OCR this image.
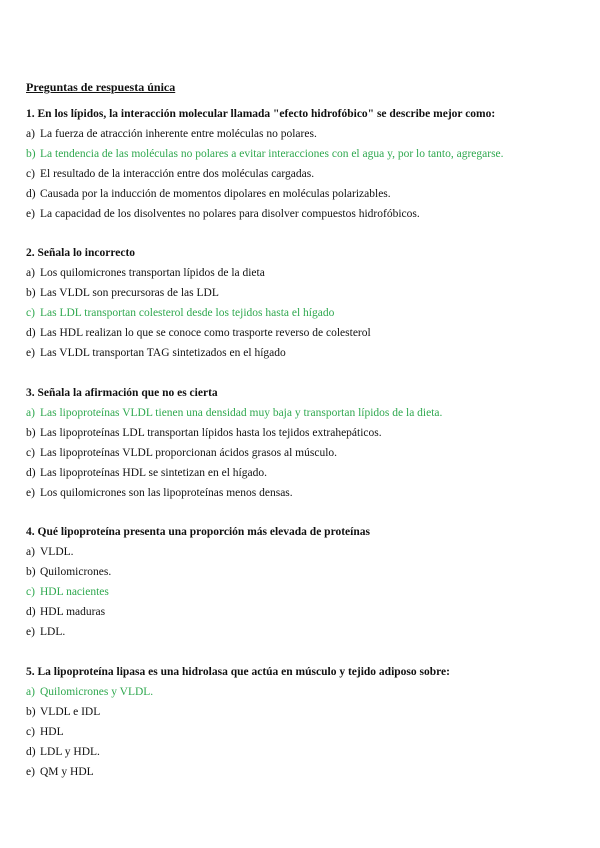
Preguntas de respuesta única
1. En los lípidos, la interacción molecular llamada "efecto hidrofóbico" se describe mejor como:
a) La fuerza de atracción inherente entre moléculas no polares.
b) La tendencia de las moléculas no polares a evitar interacciones con el agua y, por lo tanto, agregarse.
c) El resultado de la interacción entre dos moléculas cargadas.
d) Causada por la inducción de momentos dipolares en moléculas polarizables.
e) La capacidad de los disolventes no polares para disolver compuestos hidrofóbicos.
2. Señala lo incorrecto
a) Los quilomicrones transportan lípidos de la dieta
b) Las VLDL son precursoras de las LDL
c) Las LDL transportan colesterol desde los tejidos hasta el hígado
d) Las HDL realizan lo que se conoce como trasporte reverso de colesterol
e) Las VLDL transportan TAG sintetizados en el hígado
3. Señala la afirmación que no es cierta
a) Las lipoproteínas VLDL tienen una densidad muy baja y transportan lípidos de la dieta.
b) Las lipoproteínas LDL transportan lípidos hasta los tejidos extrahepáticos.
c) Las lipoproteínas VLDL proporcionan ácidos grasos al músculo.
d) Las lipoproteínas HDL se sintetizan en el hígado.
e) Los quilomicrones son las lipoproteínas menos densas.
4. Qué lipoproteína presenta una proporción más elevada de proteínas
a) VLDL.
b) Quilomicrones.
c) HDL nacientes
d) HDL maduras
e) LDL.
5. La lipoproteína lipasa es una hidrolasa que actúa en músculo y tejido adiposo sobre:
a) Quilomicrones y VLDL.
b) VLDL e IDL
c) HDL
d) LDL y HDL.
e) QM y HDL
